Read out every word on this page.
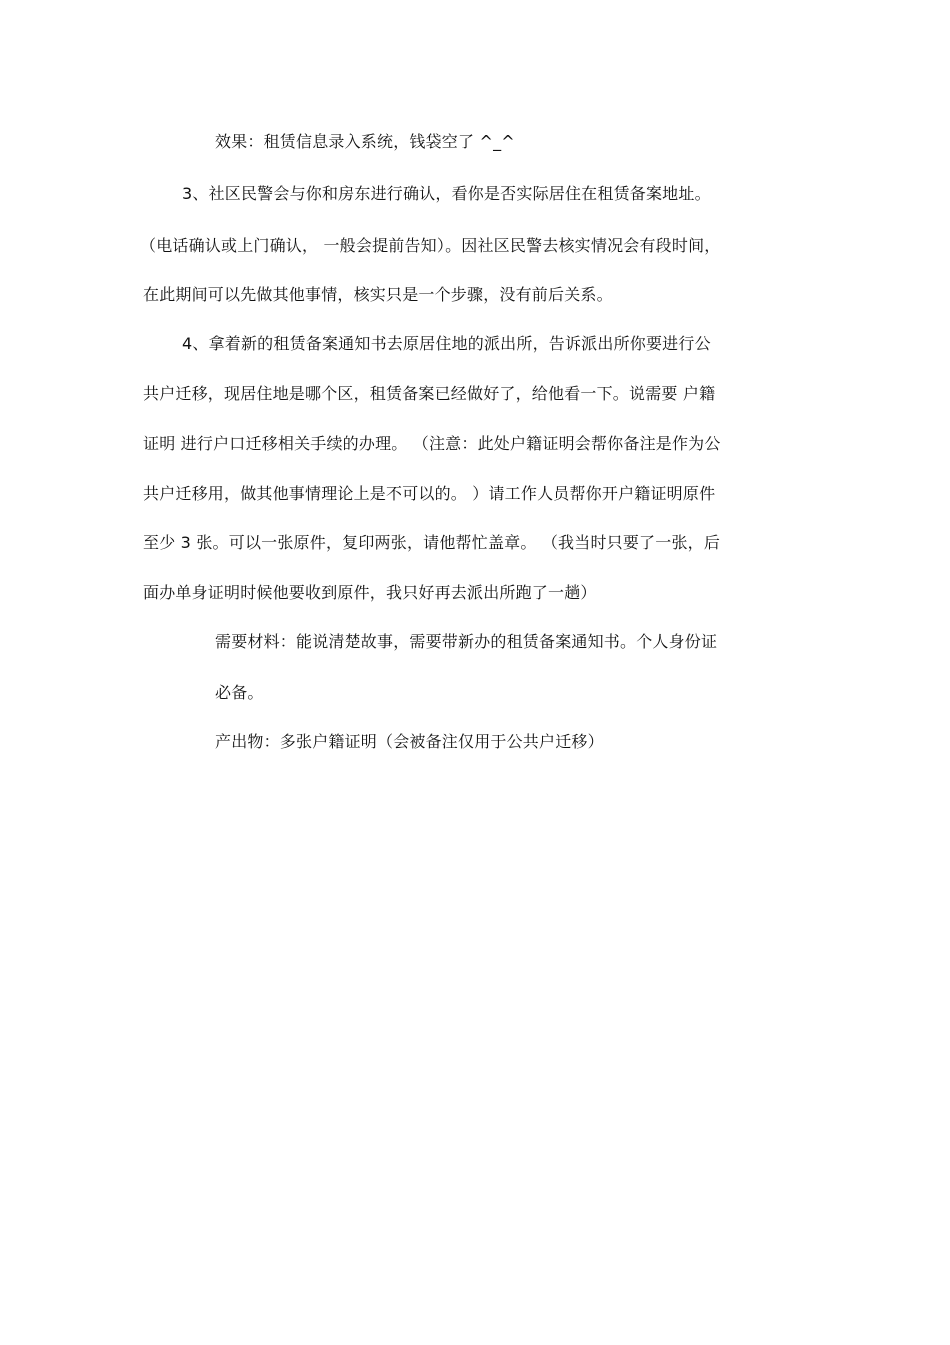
效果：租赁信息录入系统，钱袋空了 ^_^
3、社区民警会与你和房东进行确认，看你是否实际居住在租赁备案地址。
（电话确认或上门确认， 一般会提前告知）。因社区民警去核实情况会有段时间，
在此期间可以先做其他事情，核实只是一个步骤，没有前后关系。
4、拿着新的租赁备案通知书去原居住地的派出所，告诉派出所你要进行公
共户迁移，现居住地是哪个区，租赁备案已经做好了，给他看一下。说需要 户籍
证明 进行户口迁移相关手续的办理。 （注意：此处户籍证明会帮你备注是作为公
共户迁移用，做其他事情理论上是不可以的。 ）请工作人员帮你开户籍证明原件
至少 3 张。可以一张原件，复印两张，请他帮忙盖章。 （我当时只要了一张，后
面办单身证明时候他要收到原件，我只好再去派出所跑了一趟）
需要材料：能说清楚故事，需要带新办的租赁备案通知书。个人身份证
必备。
产出物：多张户籍证明（会被备注仅用于公共户迁移）
